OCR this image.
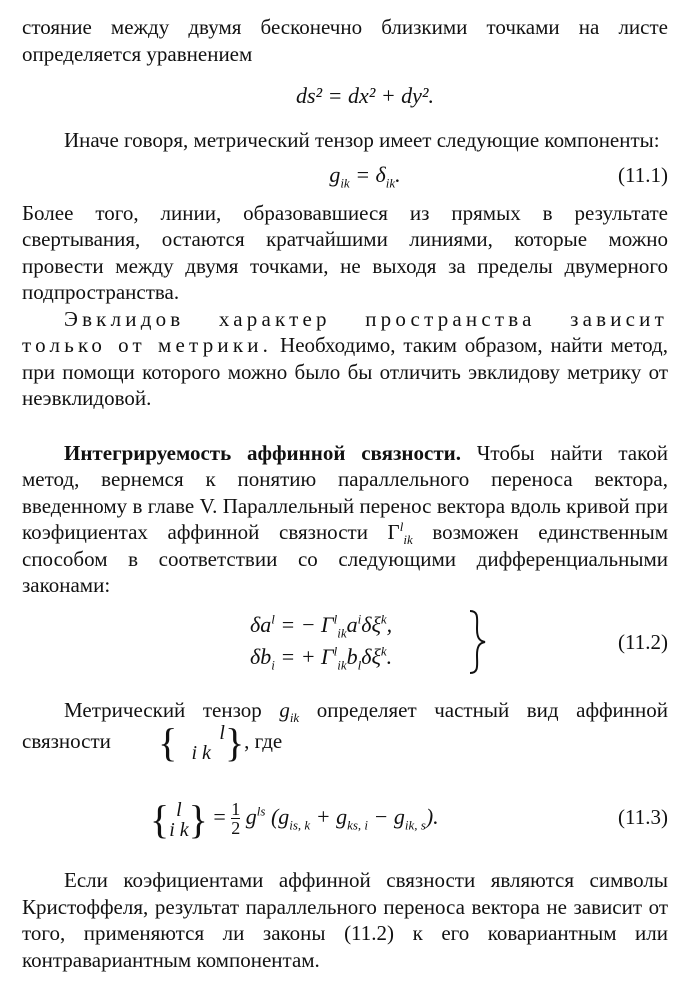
стояние между двумя бесконечно близкими точками на листе определяется уравнением

ds² = dx² + dy².

Иначе говоря, метрический тензор имеет следующие компоненты:

$g_{ik} = \delta_{ik}$.	(11.1)

Более того, линии, образовавшиеся из прямых в результате свертывания, остаются кратчайшими линиями, которые можно провести между двумя точками, не выходя за пределы двумерного подпространства.

Эвклидов характер пространства зависит только от метрики. Необходимо, таким образом, найти метод, при помощи которого можно было бы отличить эвклидову метрику от неэвклидовой.

Интегрируемость аффинной связности. Чтобы найти такой метод, вернемся к понятию параллельного переноса вектора, введенному в главе V. Параллельный перенос вектора вдоль кривой при коэфициентах аффинной связности $\Gamma^l_{ik}$ возможен единственным способом в соответствии со следующими дифференциальными законами:

$\delta a^l$ = − $\Gamma^l_{ik}a^i\delta\xi^k$,
$\delta b_i$ = + $\Gamma^l_{ik}b_l\delta\xi^k$.
(11.2)

Метрический тензор $g_{ik}$ определяет частный вид аффинной связности { l
i k }, где

{ l
i $k\} = \frac{1}{2} g^{ls}$ $(g_{is, k} + g_{ks, i} - g_{ik, s})$.	(11.3)

Если коэфициентами аффинной связности являются символы Кристоффеля, результат параллельного переноса вектора не зависит от того, применяются ли законы (11.2) к его ковариантным или контравариантным компонентам.
